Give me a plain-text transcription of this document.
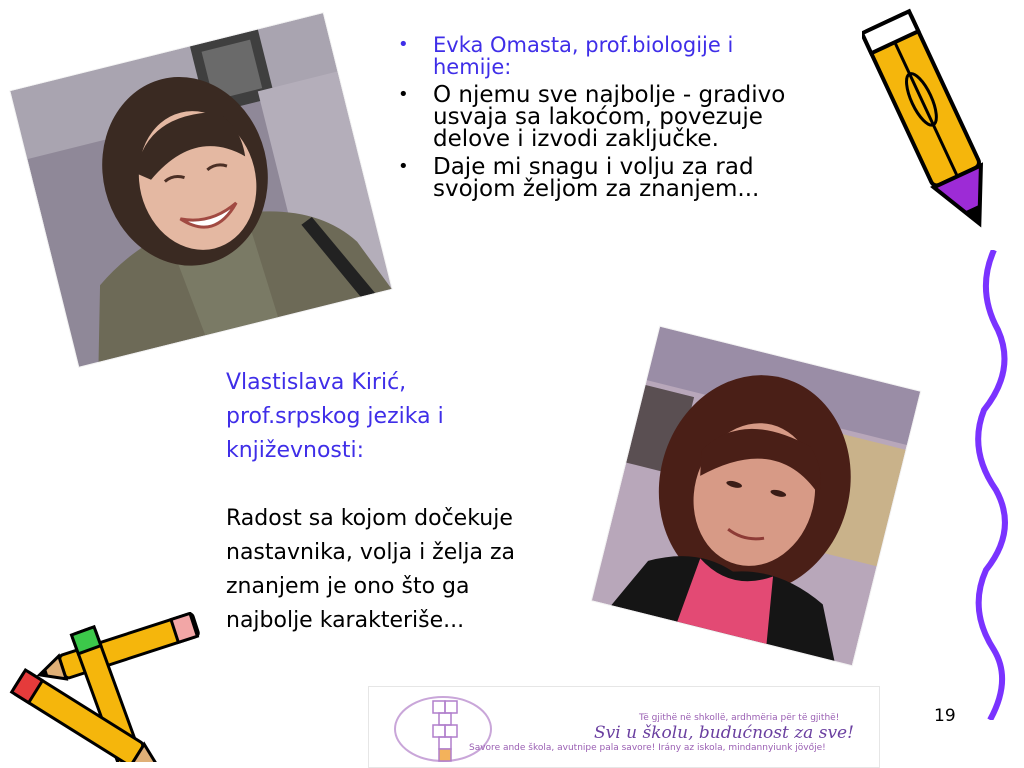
• Evka Omasta, prof.biologije i hemije:
• O njemu sve najbolje - gradivo usvaja sa lakoćom, povezuje delove i izvodi zaključke.
• Daje mi snagu i volju za rad svojom željom za znanjem...
Vlastislava Kirić, prof.srpskog jezika i književnosti:
Radost sa kojom dočekuje nastavnika, volja i želja za znanjem je ono što ga najbolje karakteriše...
Të gjithë në shkollë, ardhmëria për të gjithë!
Svi u školu, budućnost za sve!
Savore ande škola, avutnipe pala savore! Irány az iskola, mindannyiunk jövője!
19
